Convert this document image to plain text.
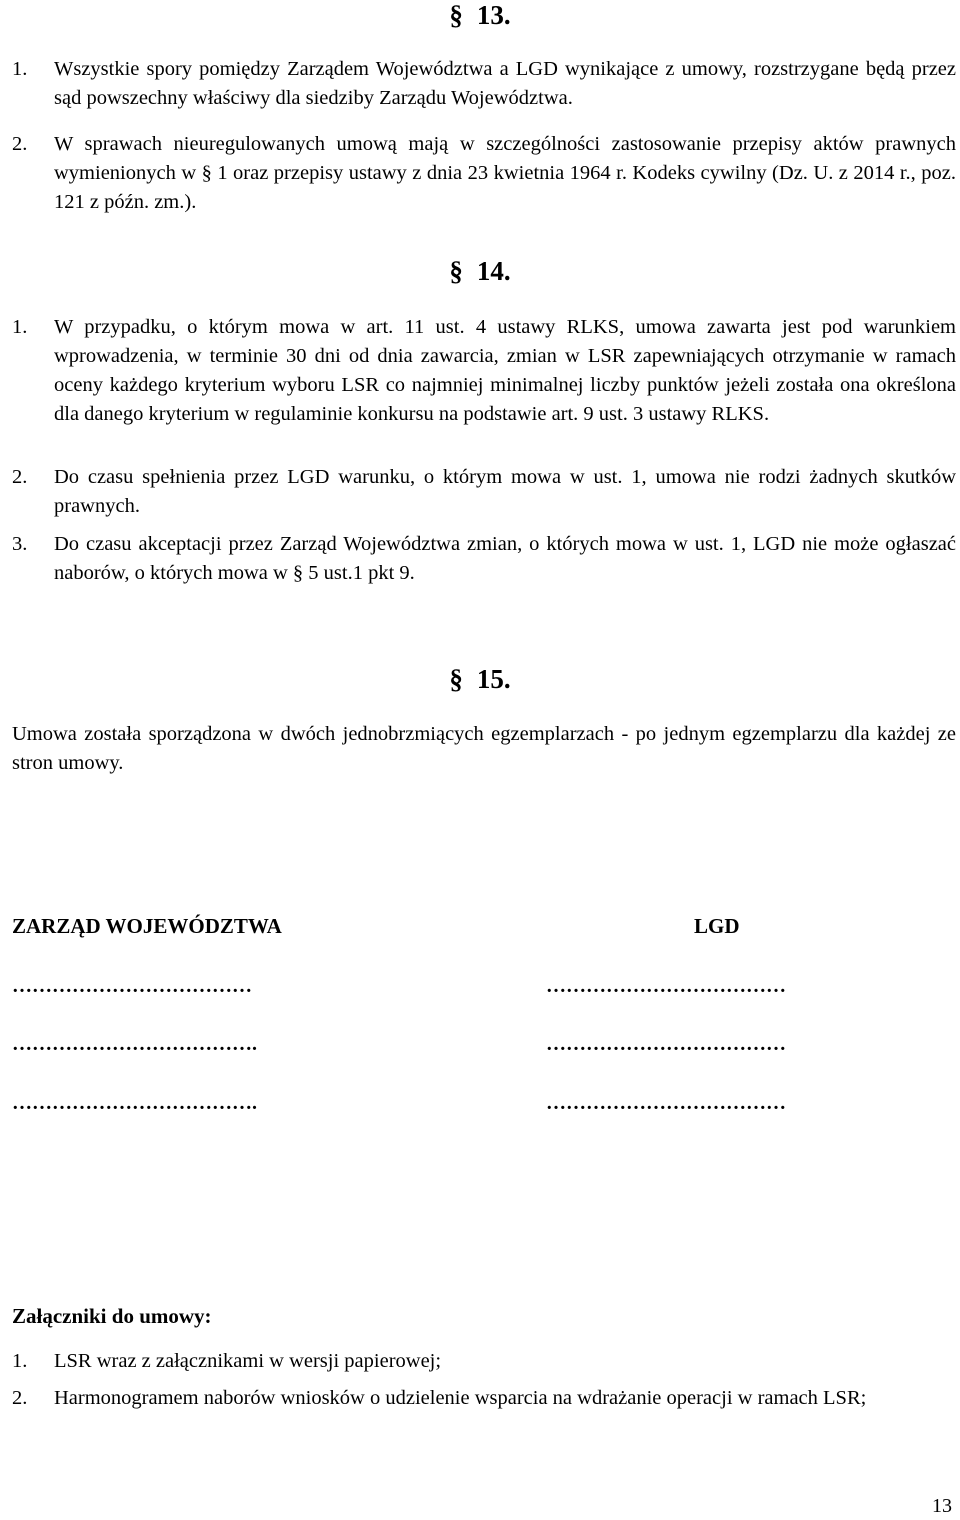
§ 13.
1. Wszystkie spory pomiędzy Zarządem Województwa a LGD wynikające z umowy, rozstrzygane będą przez sąd powszechny właściwy dla siedziby Zarządu Województwa.
2. W sprawach nieuregulowanych umową mają w szczególności zastosowanie przepisy aktów prawnych wymienionych w § 1 oraz przepisy ustawy z dnia 23 kwietnia 1964 r. Kodeks cywilny (Dz. U. z 2014 r., poz. 121 z późn. zm.).
§ 14.
1. W przypadku, o którym mowa w art. 11 ust. 4 ustawy RLKS, umowa zawarta jest pod warunkiem wprowadzenia, w terminie 30 dni od dnia zawarcia, zmian w LSR zapewniających otrzymanie w ramach oceny każdego kryterium wyboru LSR co najmniej minimalnej liczby punktów jeżeli została ona określona dla danego kryterium w regulaminie konkursu na podstawie art. 9 ust. 3 ustawy RLKS.
2. Do czasu spełnienia przez LGD warunku, o którym mowa w ust. 1, umowa nie rodzi żadnych skutków prawnych.
3. Do czasu akceptacji przez Zarząd Województwa zmian, o których mowa w ust. 1, LGD nie może ogłaszać naborów, o których mowa w § 5 ust.1 pkt 9.
§ 15.
Umowa została sporządzona w dwóch jednobrzmiących egzemplarzach - po jednym egzemplarzu dla każdej ze stron umowy.
ZARZĄD WOJEWÓDZTWA	LGD
………………………………
……………………………….
……………………………….
………………………………
………………………………
………………………………
Załączniki do umowy:
1. LSR wraz z załącznikami w wersji papierowej;
2. Harmonogramem naborów wniosków o udzielenie wsparcia na wdrażanie operacji w ramach LSR;
13
